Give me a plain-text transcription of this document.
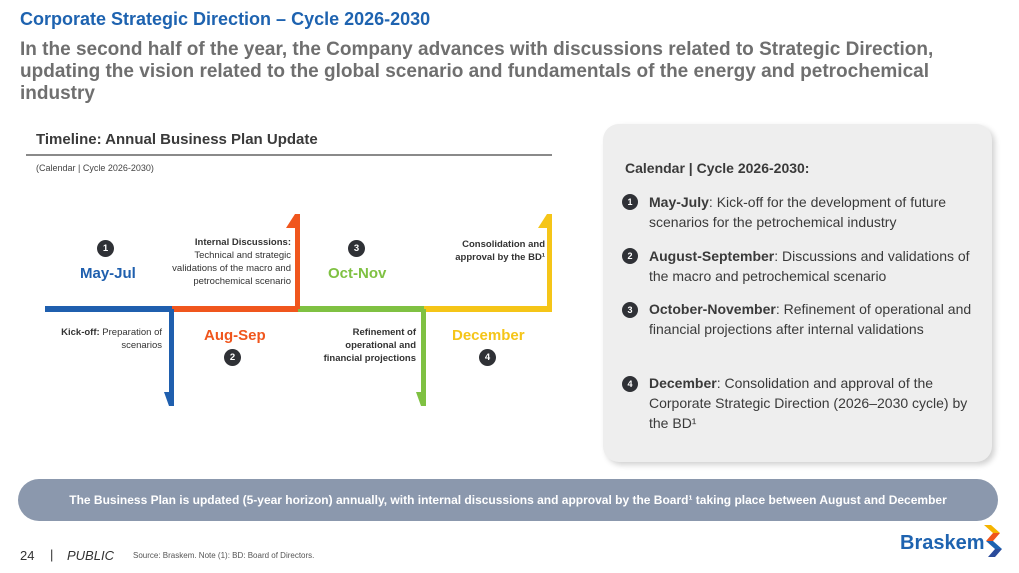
Corporate Strategic Direction – Cycle 2026-2030
In the second half of the year, the Company advances with discussions related to Strategic Direction, updating the vision related to the global scenario and fundamentals of the energy and petrochemical industry
Timeline: Annual Business Plan Update
(Calendar | Cycle 2026-2030)
1
May-Jul
Kick-off: Preparation of scenarios
Internal Discussions:
Technical and strategic validations of the macro and petrochemical scenario
Aug-Sep
2
3
Oct-Nov
Refinement of operational and financial projections
Consolidation and approval by the BD¹
December
4
Calendar | Cycle 2026-2030:
1	May-July: Kick-off for the development of future scenarios for the petrochemical industry
2	August-September: Discussions and validations of the macro and petrochemical scenario
3	October-November: Refinement of operational and financial projections after internal validations
4	December: Consolidation and approval of the Corporate Strategic Direction (2026–2030 cycle) by the BD¹
The Business Plan is updated (5-year horizon) annually, with internal discussions and approval by the Board¹ taking place between August and December
24 | PUBLIC Source: Braskem. Note (1): BD: Board of Directors.
Braskem
